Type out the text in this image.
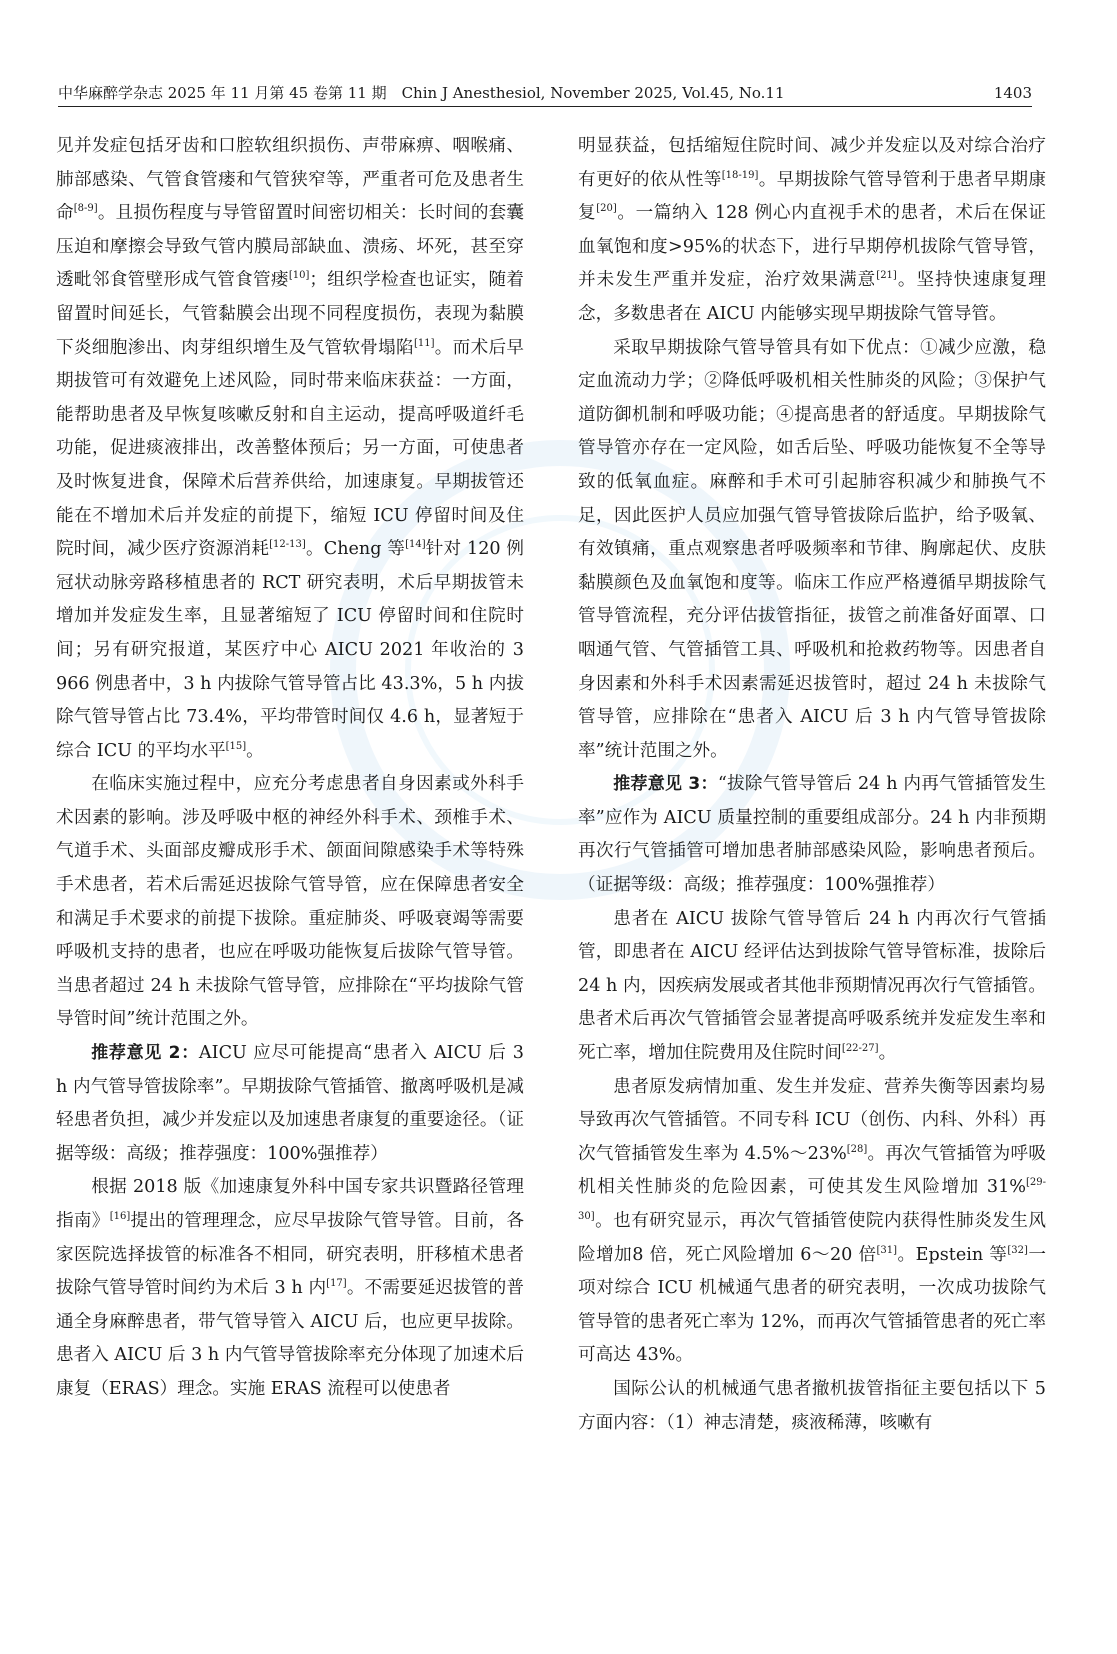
中华麻醉学杂志 2025 年 11 月第 45 卷第 11 期　Chin J Anesthesiol, November 2025, Vol.45, No.11	1403

见并发症包括牙齿和口腔软组织损伤、声带麻痹、咽喉痛、肺部感染、气管食管瘘和气管狭窄等，严重者可危及患者生命[8-9]。且损伤程度与导管留置时间密切相关：长时间的套囊压迫和摩擦会导致气管内膜局部缺血、溃疡、坏死，甚至穿透毗邻食管壁形成气管食管瘘[10]；组织学检查也证实，随着留置时间延长，气管黏膜会出现不同程度损伤，表现为黏膜下炎细胞渗出、肉芽组织增生及气管软骨塌陷[11]。而术后早期拔管可有效避免上述风险，同时带来临床获益：一方面，能帮助患者及早恢复咳嗽反射和自主运动，提高呼吸道纤毛功能，促进痰液排出，改善整体预后；另一方面，可使患者及时恢复进食，保障术后营养供给，加速康复。早期拔管还能在不增加术后并发症的前提下，缩短 ICU 停留时间及住院时间，减少医疗资源消耗[12-13]。Cheng 等[14]针对 120 例冠状动脉旁路移植患者的 RCT 研究表明，术后早期拔管未增加并发症发生率，且显著缩短了 ICU 停留时间和住院时间；另有研究报道，某医疗中心 AICU 2021 年收治的 3 966 例患者中，3 h 内拔除气管导管占比 43.3%，5 h 内拔除气管导管占比 73.4%，平均带管时间仅 4.6 h，显著短于综合 ICU 的平均水平[15]。

在临床实施过程中，应充分考虑患者自身因素或外科手术因素的影响。涉及呼吸中枢的神经外科手术、颈椎手术、气道手术、头面部皮瓣成形手术、颌面间隙感染手术等特殊手术患者，若术后需延迟拔除气管导管，应在保障患者安全和满足手术要求的前提下拔除。重症肺炎、呼吸衰竭等需要呼吸机支持的患者，也应在呼吸功能恢复后拔除气管导管。当患者超过 24 h 未拔除气管导管，应排除在“平均拔除气管导管时间”统计范围之外。

推荐意见 2：AICU 应尽可能提高“患者入 AICU 后 3 h 内气管导管拔除率”。早期拔除气管插管、撤离呼吸机是减轻患者负担，减少并发症以及加速患者康复的重要途径。（证据等级：高级；推荐强度：100%强推荐）

根据 2018 版《加速康复外科中国专家共识暨路径管理指南》[16]提出的管理理念，应尽早拔除气管导管。目前，各家医院选择拔管的标准各不相同，研究表明，肝移植术患者拔除气管导管时间约为术后 3 h 内[17]。不需要延迟拔管的普通全身麻醉患者，带气管导管入 AICU 后，也应更早拔除。患者入 AICU 后 3 h 内气管导管拔除率充分体现了加速术后康复（ERAS）理念。实施 ERAS 流程可以使患者

明显获益，包括缩短住院时间、减少并发症以及对综合治疗有更好的依从性等[18-19]。早期拔除气管导管利于患者早期康复[20]。一篇纳入 128 例心内直视手术的患者，术后在保证血氧饱和度>95%的状态下，进行早期停机拔除气管导管，并未发生严重并发症，治疗效果满意[21]。坚持快速康复理念，多数患者在 AICU 内能够实现早期拔除气管导管。

采取早期拔除气管导管具有如下优点：①减少应激，稳定血流动力学；②降低呼吸机相关性肺炎的风险；③保护气道防御机制和呼吸功能；④提高患者的舒适度。早期拔除气管导管亦存在一定风险，如舌后坠、呼吸功能恢复不全等导致的低氧血症。麻醉和手术可引起肺容积减少和肺换气不足，因此医护人员应加强气管导管拔除后监护，给予吸氧、有效镇痛，重点观察患者呼吸频率和节律、胸廓起伏、皮肤黏膜颜色及血氧饱和度等。临床工作应严格遵循早期拔除气管导管流程，充分评估拔管指征，拔管之前准备好面罩、口咽通气管、气管插管工具、呼吸机和抢救药物等。因患者自身因素和外科手术因素需延迟拔管时，超过 24 h 未拔除气管导管，应排除在“患者入 AICU 后 3 h 内气管导管拔除率”统计范围之外。

推荐意见 3：“拔除气管导管后 24 h 内再气管插管发生率”应作为 AICU 质量控制的重要组成部分。24 h 内非预期再次行气管插管可增加患者肺部感染风险，影响患者预后。（证据等级：高级；推荐强度：100%强推荐）

患者在 AICU 拔除气管导管后 24 h 内再次行气管插管，即患者在 AICU 经评估达到拔除气管导管标准，拔除后 24 h 内，因疾病发展或者其他非预期情况再次行气管插管。患者术后再次气管插管会显著提高呼吸系统并发症发生率和死亡率，增加住院费用及住院时间[22-27]。

患者原发病情加重、发生并发症、营养失衡等因素均易导致再次气管插管。不同专科 ICU（创伤、内科、外科）再次气管插管发生率为 4.5%～23%[28]。再次气管插管为呼吸机相关性肺炎的危险因素，可使其发生风险增加 31%[29-30]。也有研究显示，再次气管插管使院内获得性肺炎发生风险增加8 倍，死亡风险增加 6～20 倍[31]。Epstein 等[32]一项对综合 ICU 机械通气患者的研究表明，一次成功拔除气管导管的患者死亡率为 12%，而再次气管插管患者的死亡率可高达 43%。

国际公认的机械通气患者撤机拔管指征主要包括以下 5 方面内容：（1）神志清楚，痰液稀薄，咳嗽有
